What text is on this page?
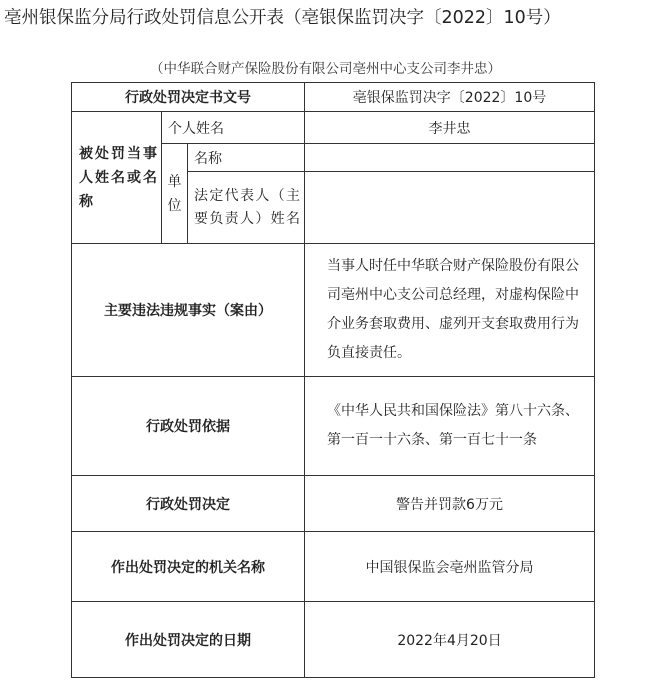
亳州银保监分局行政处罚信息公开表（亳银保监罚决字〔2022〕10号）
（中华联合财产保险股份有限公司亳州中心支公司李井忠）
行政处罚决定书文号			亳银保监罚决字〔2022〕10号
被处罚当事人姓名或名称	个人姓名		李井忠
	单位	名称	
		法定代表人（主要负责人）姓名	
主要违法违规事实（案由）			当事人时任中华联合财产保险股份有限公司亳州中心支公司总经理，对虚构保险中介业务套取费用、虚列开支套取费用行为负直接责任。
行政处罚依据			《中华人民共和国保险法》第八十六条、第一百一十六条、第一百七十一条
行政处罚决定			警告并罚款6万元
作出处罚决定的机关名称			中国银保监会亳州监管分局
作出处罚决定的日期			2022年4月20日
